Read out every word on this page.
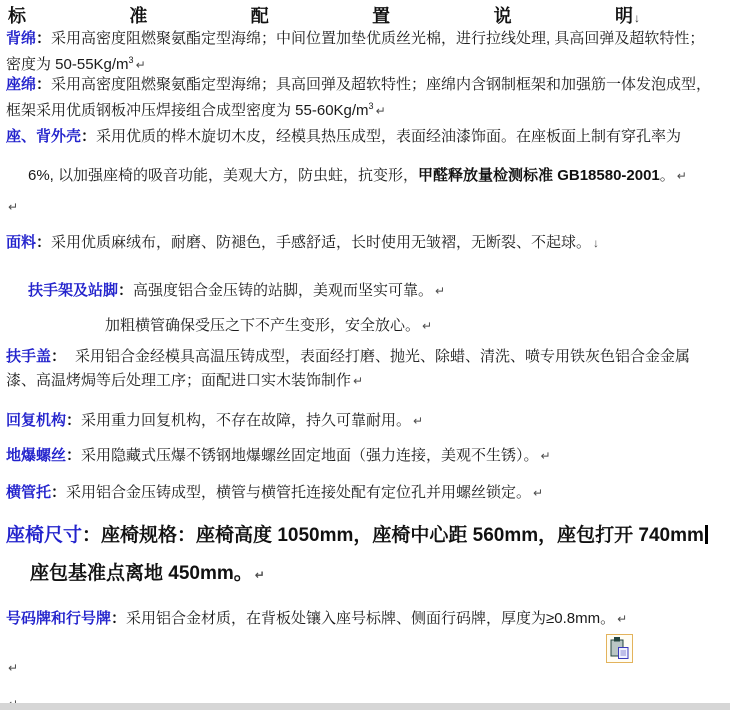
标	准	配	置	说	明↓
背绵：采用高密度阻燃聚氨酯定型海绵；中间位置加垫优质丝光棉，进行拉线处理, 具高回弹及超软特性；
密度为 $50-55Kg/m^3$ ↵
座绵：采用高密度阻燃聚氨酯定型海绵；具高回弹及超软特性；座绵内含钢制框架和加强筋一体发泡成型，
框架采用优质钢板冲压焊接组合成型密度为 $55-60Kg/m^3$ ↵
座、背外壳：采用优质的桦木旋切木皮，经模具热压成型，表面经油漆饰面。在座板面上制有穿孔率为
6%, 以加强座椅的吸音功能，美观大方，防虫蛀，抗变形，甲醛释放量检测标准 GB18580-2001。 ↵
↵
面料：采用优质麻绒布，耐磨、防褪色，手感舒适，长时使用无皱褶，无断裂、不起球。 ↓
扶手架及站脚：高强度铝合金压铸的站脚，美观而坚实可靠。 ↵
加粗横管确保受压之下不产生变形，安全放心。 ↵
扶手盖： 采用铝合金经模具高温压铸成型，表面经打磨、抛光、除蜡、清洗、喷专用铁灰色铝合金金属
漆、高温烤焗等后处理工序；面配进口实木装饰制作 ↵
回复机构：采用重力回复机构，不存在故障，持久可靠耐用。 ↵
地爆螺丝：采用隐藏式压爆不锈钢地爆螺丝固定地面（强力连接，美观不生锈）。 ↵
横管托：采用铝合金压铸成型，横管与横管托连接处配有定位孔并用螺丝锁定。 ↵
座椅尺寸：座椅规格：座椅高度 1050mm，座椅中心距 560mm，座包打开 740mm
座包基准点离地 450mm。 ↵
号码牌和行号牌：采用铝合金材质，在背板处镶入座号标牌、侧面行码牌，厚度为≥0.8mm。 ↵
↵
